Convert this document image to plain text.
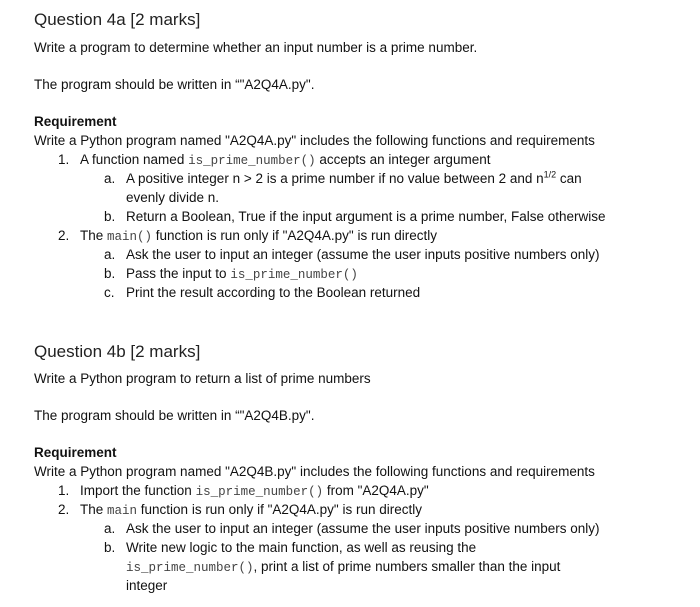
Question 4a [2 marks]
Write a program to determine whether an input number is a prime number.
The program should be written in “"A2Q4A.py".
Requirement
Write a Python program named "A2Q4A.py" includes the following functions and requirements
1. A function named is_prime_number() accepts an integer argument
a. A positive integer n > 2 is a prime number if no value between 2 and $n^{1/2}$ can
evenly divide n.
b. Return a Boolean, True if the input argument is a prime number, False otherwise
2. The main() function is run only if "A2Q4A.py" is run directly
a. Ask the user to input an integer (assume the user inputs positive numbers only)
b. Pass the input to is_prime_number()
c. Print the result according to the Boolean returned
Question 4b [2 marks]
Write a Python program to return a list of prime numbers
The program should be written in “"A2Q4B.py".
Requirement
Write a Python program named "A2Q4B.py" includes the following functions and requirements
1. Import the function is_prime_number() from "A2Q4A.py"
2. The main function is run only if "A2Q4A.py" is run directly
a. Ask the user to input an integer (assume the user inputs positive numbers only)
b. Write new logic to the main function, as well as reusing the
is_prime_number(), print a list of prime numbers smaller than the input
integer
